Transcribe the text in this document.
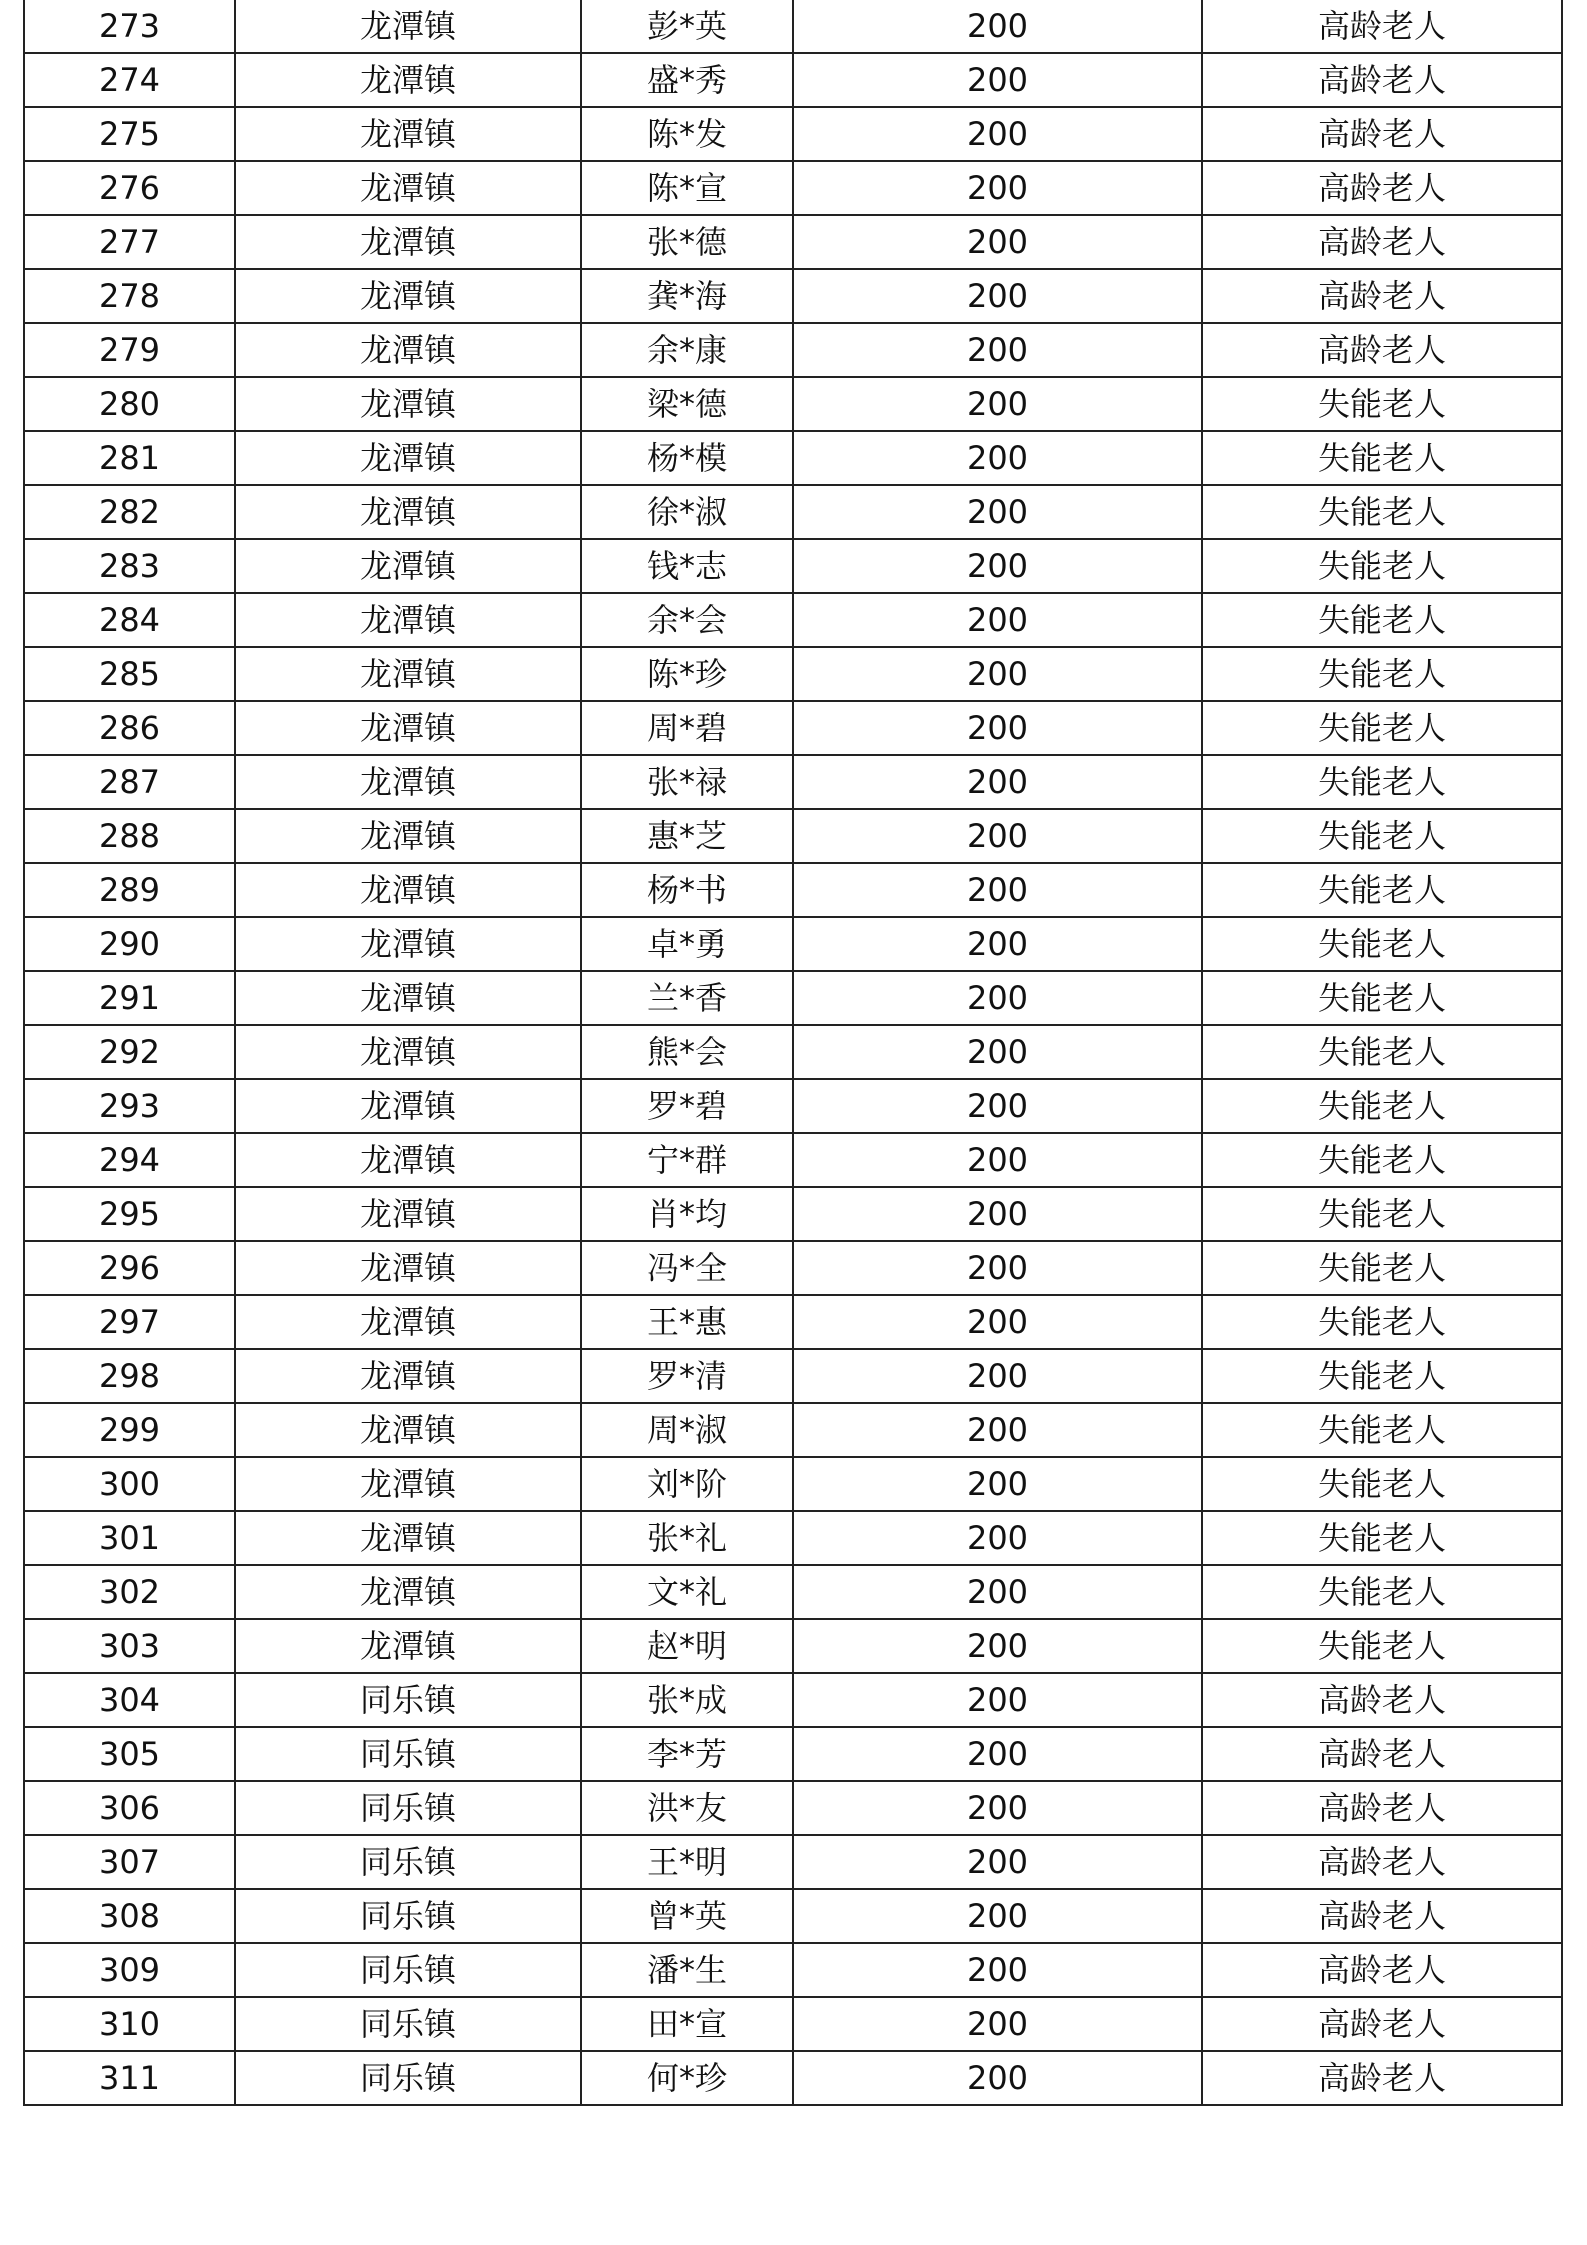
273	龙潭镇	彭*英	200	高龄老人
274	龙潭镇	盛*秀	200	高龄老人
275	龙潭镇	陈*发	200	高龄老人
276	龙潭镇	陈*宣	200	高龄老人
277	龙潭镇	张*德	200	高龄老人
278	龙潭镇	龚*海	200	高龄老人
279	龙潭镇	余*康	200	高龄老人
280	龙潭镇	梁*德	200	失能老人
281	龙潭镇	杨*模	200	失能老人
282	龙潭镇	徐*淑	200	失能老人
283	龙潭镇	钱*志	200	失能老人
284	龙潭镇	余*会	200	失能老人
285	龙潭镇	陈*珍	200	失能老人
286	龙潭镇	周*碧	200	失能老人
287	龙潭镇	张*禄	200	失能老人
288	龙潭镇	惠*芝	200	失能老人
289	龙潭镇	杨*书	200	失能老人
290	龙潭镇	卓*勇	200	失能老人
291	龙潭镇	兰*香	200	失能老人
292	龙潭镇	熊*会	200	失能老人
293	龙潭镇	罗*碧	200	失能老人
294	龙潭镇	宁*群	200	失能老人
295	龙潭镇	肖*均	200	失能老人
296	龙潭镇	冯*全	200	失能老人
297	龙潭镇	王*惠	200	失能老人
298	龙潭镇	罗*清	200	失能老人
299	龙潭镇	周*淑	200	失能老人
300	龙潭镇	刘*阶	200	失能老人
301	龙潭镇	张*礼	200	失能老人
302	龙潭镇	文*礼	200	失能老人
303	龙潭镇	赵*明	200	失能老人
304	同乐镇	张*成	200	高龄老人
305	同乐镇	李*芳	200	高龄老人
306	同乐镇	洪*友	200	高龄老人
307	同乐镇	王*明	200	高龄老人
308	同乐镇	曾*英	200	高龄老人
309	同乐镇	潘*生	200	高龄老人
310	同乐镇	田*宣	200	高龄老人
311	同乐镇	何*珍	200	高龄老人
